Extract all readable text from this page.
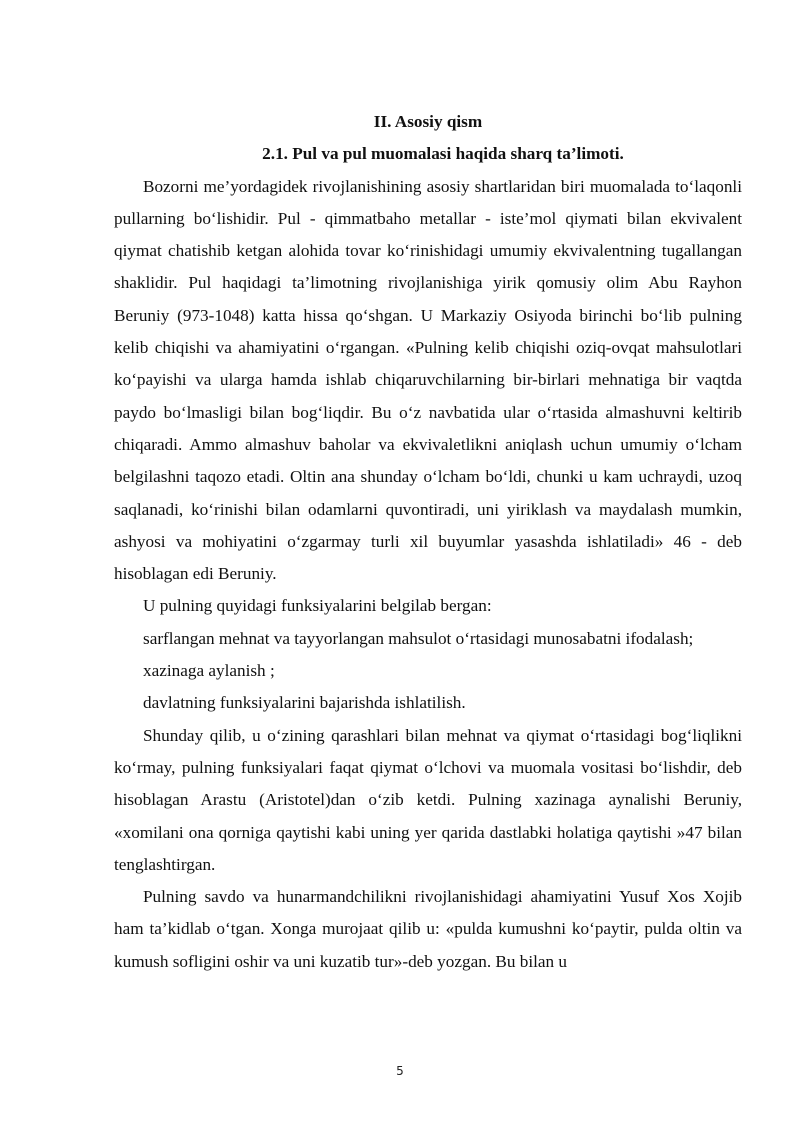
II. Asosiy qism

2.1. Pul va pul muomalasi haqida sharq ta’limoti.

Bozorni me’yordagidek rivojlanishining asosiy shartlaridan biri muomalada to‘laqonli pullarning bo‘lishidir. Pul - qimmatbaho metallar - iste’mol qiymati bilan ekvivalent qiymat chatishib ketgan alohida tovar ko‘rinishidagi umumiy ekvivalentning tugallangan shaklidir. Pul haqidagi ta’limotning rivojlanishiga yirik qomusiy olim Abu Rayhon Beruniy (973-1048) katta hissa qo‘shgan. U Markaziy Osiyoda birinchi bo‘lib pulning kelib chiqishi va ahamiyatini o‘rgangan. «Pulning kelib chiqishi oziq-ovqat mahsulotlari ko‘payishi va ularga hamda ishlab chiqaruvchilarning bir-birlari mehnatiga bir vaqtda paydo bo‘lmasligi bilan bog‘liqdir. Bu o‘z navbatida ular o‘rtasida almashuvni keltirib chiqaradi. Ammo almashuv baholar va ekvivaletlikni aniqlash uchun umumiy o‘lcham belgilashni taqozo etadi. Oltin ana shunday o‘lcham bo‘ldi, chunki u kam uchraydi, uzoq saqlanadi, ko‘rinishi bilan odamlarni quvontiradi, uni yiriklash va maydalash mumkin, ashyosi va mohiyatini o‘zgarmay turli xil buyumlar yasashda ishlatiladi» 46 - deb hisoblagan edi Beruniy.

U pulning quyidagi funksiyalarini belgilab bergan:

sarflangan mehnat va tayyorlangan mahsulot o‘rtasidagi munosabatni ifodalash;

xazinaga aylanish ;

davlatning funksiyalarini bajarishda ishlatilish.

Shunday qilib, u o‘zining qarashlari bilan mehnat va qiymat o‘rtasidagi bog‘liqlikni ko‘rmay, pulning funksiyalari faqat qiymat o‘lchovi va muomala vositasi bo‘lishdir, deb hisoblagan Arastu (Aristotel)dan o‘zib ketdi. Pulning xazinaga aynalishi Beruniy, «xomilani ona qorniga qaytishi kabi uning yer qarida dastlabki holatiga qaytishi »47 bilan tenglashtirgan.

Pulning savdo va hunarmandchilikni rivojlanishidagi ahamiyatini Yusuf Xos Xojib ham ta’kidlab o‘tgan. Xonga murojaat qilib u: «pulda kumushni ko‘paytir, pulda oltin va kumush sofligini oshir va uni kuzatib tur»-deb yozgan. Bu bilan u

5
